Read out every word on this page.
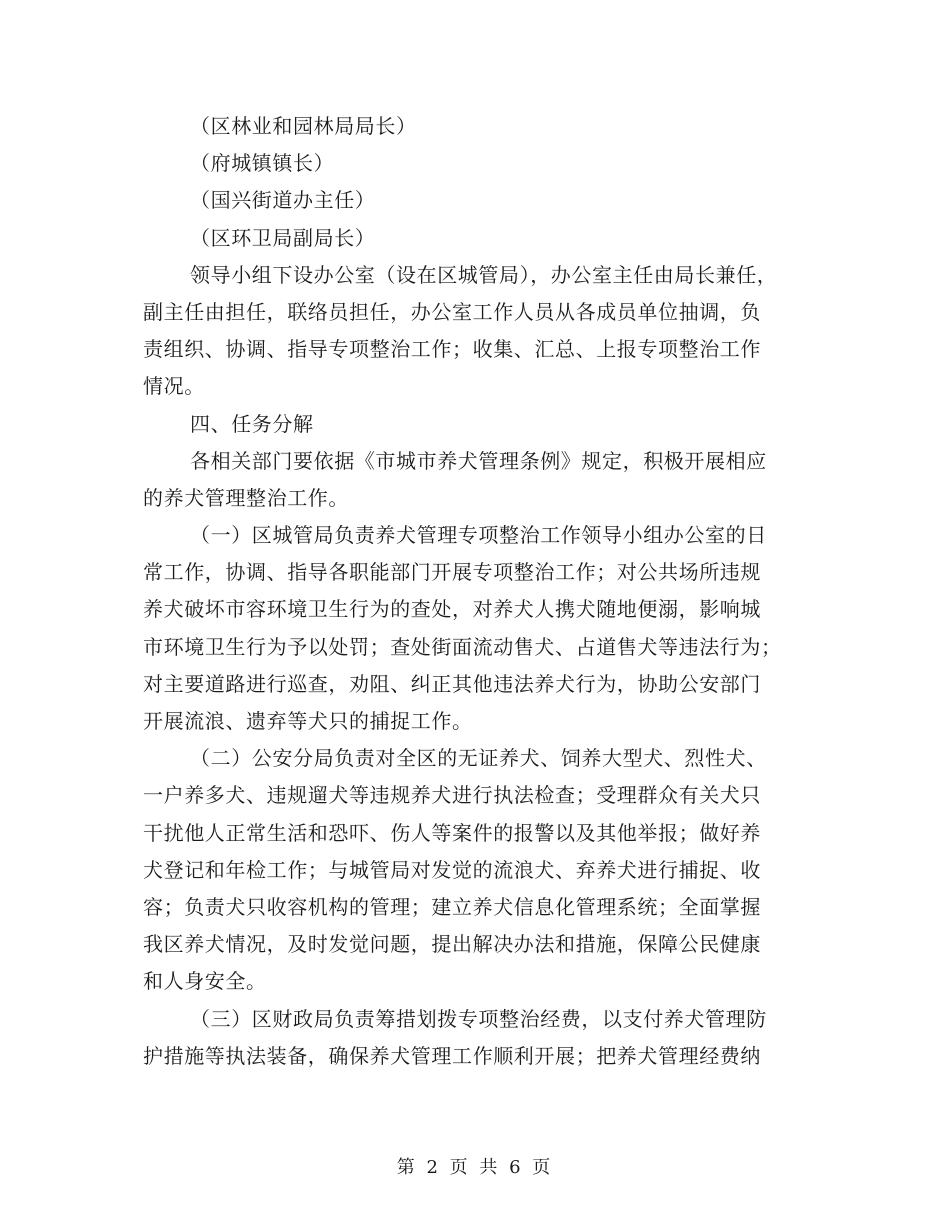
（区林业和园林局局长）
（府城镇镇长）
（国兴街道办主任）
（区环卫局副局长）
领导小组下设办公室（设在区城管局），办公室主任由局长兼任，
副主任由担任，联络员担任，办公室工作人员从各成员单位抽调，负
责组织、协调、指导专项整治工作；收集、汇总、上报专项整治工作
情况。
四、任务分解
各相关部门要依据《市城市养犬管理条例》规定，积极开展相应
的养犬管理整治工作。
（一）区城管局负责养犬管理专项整治工作领导小组办公室的日
常工作，协调、指导各职能部门开展专项整治工作；对公共场所违规
养犬破坏市容环境卫生行为的查处，对养犬人携犬随地便溺，影响城
市环境卫生行为予以处罚；查处街面流动售犬、占道售犬等违法行为；
对主要道路进行巡查，劝阻、纠正其他违法养犬行为，协助公安部门
开展流浪、遗弃等犬只的捕捉工作。
（二）公安分局负责对全区的无证养犬、饲养大型犬、烈性犬、
一户养多犬、违规遛犬等违规养犬进行执法检查；受理群众有关犬只
干扰他人正常生活和恐吓、伤人等案件的报警以及其他举报；做好养
犬登记和年检工作；与城管局对发觉的流浪犬、弃养犬进行捕捉、收
容；负责犬只收容机构的管理；建立养犬信息化管理系统；全面掌握
我区养犬情况，及时发觉问题，提出解决办法和措施，保障公民健康
和人身安全。
（三）区财政局负责筹措划拨专项整治经费，以支付养犬管理防
护措施等执法装备，确保养犬管理工作顺利开展；把养犬管理经费纳
第 2 页 共 6 页
